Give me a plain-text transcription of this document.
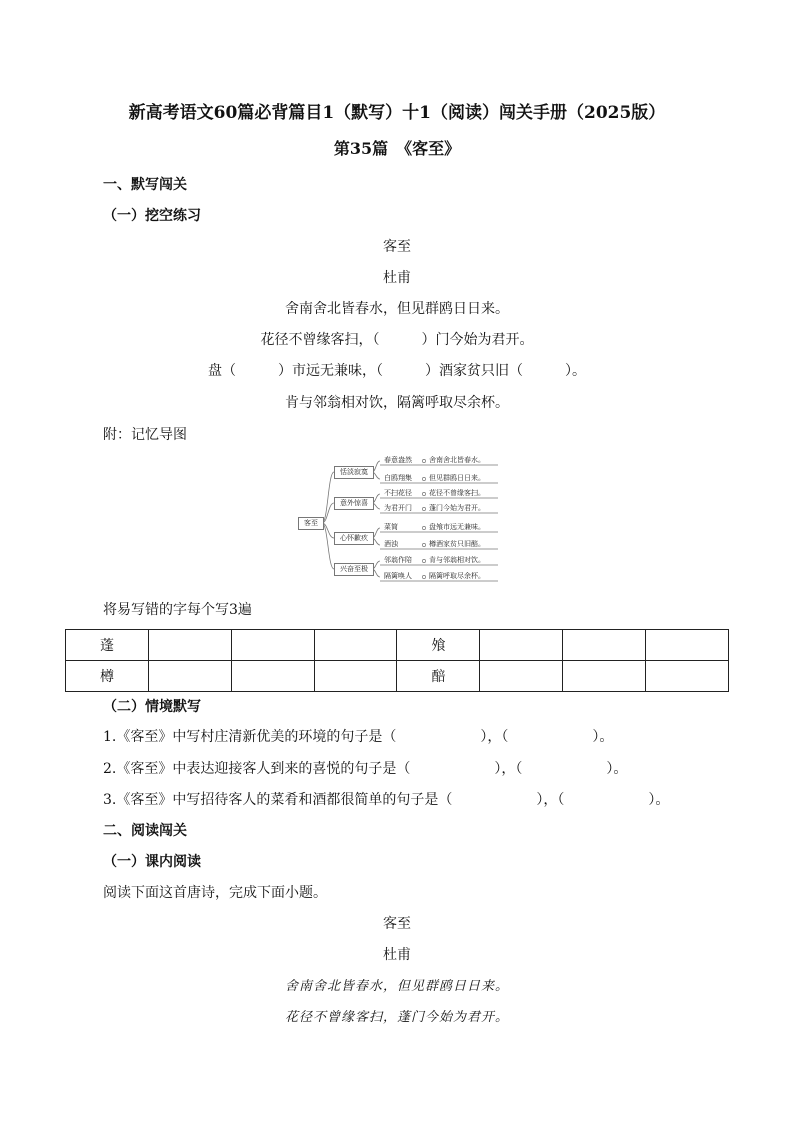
新高考语文60篇必背篇目1（默写）十1（阅读）闯关手册（2025版）
第35篇　《客至》
一、默写闯关
（一）挖空练习
客至
杜甫
舍南舍北皆春水，但见群鸥日日来。
花径不曾缘客扫，（　　　）门今始为君开。
盘（　　　）市远无兼味，（　　　）酒家贫只旧（　　　）。
肯与邻翁相对饮，隔篱呼取尽余杯。
附：记忆导图
客至
恬淡寂寞
意外惊喜
心怀歉疚
兴奋至极
春意盎然 舍南舍北皆春水。
白鸥翔集 但见群鸥日日来。
不扫花径 花径不曾缘客扫。
为君开门 蓬门今始为君开。
菜简	盘飧市远无兼味。
酒浊	樽酒家贫只旧醅。
邻翁作陪 肯与邻翁相对饮。
隔篱唤人 隔篱呼取尽余杯。
将易写错的字每个写3遍
蓬				飧			
樽				醅			
（二）情境默写
1.《客至》中写村庄清新优美的环境的句子是（　　　　　　），（　　　　　　）。
2.《客至》中表达迎接客人到来的喜悦的句子是（　　　　　　），（　　　　　　）。
3.《客至》中写招待客人的菜肴和酒都很简单的句子是（　　　　　　），（　　　　　　）。
二、阅读闯关
（一）课内阅读
阅读下面这首唐诗，完成下面小题。
客至
杜甫
舍南舍北皆春水，但见群鸥日日来。
花径不曾缘客扫，蓬门今始为君开。
